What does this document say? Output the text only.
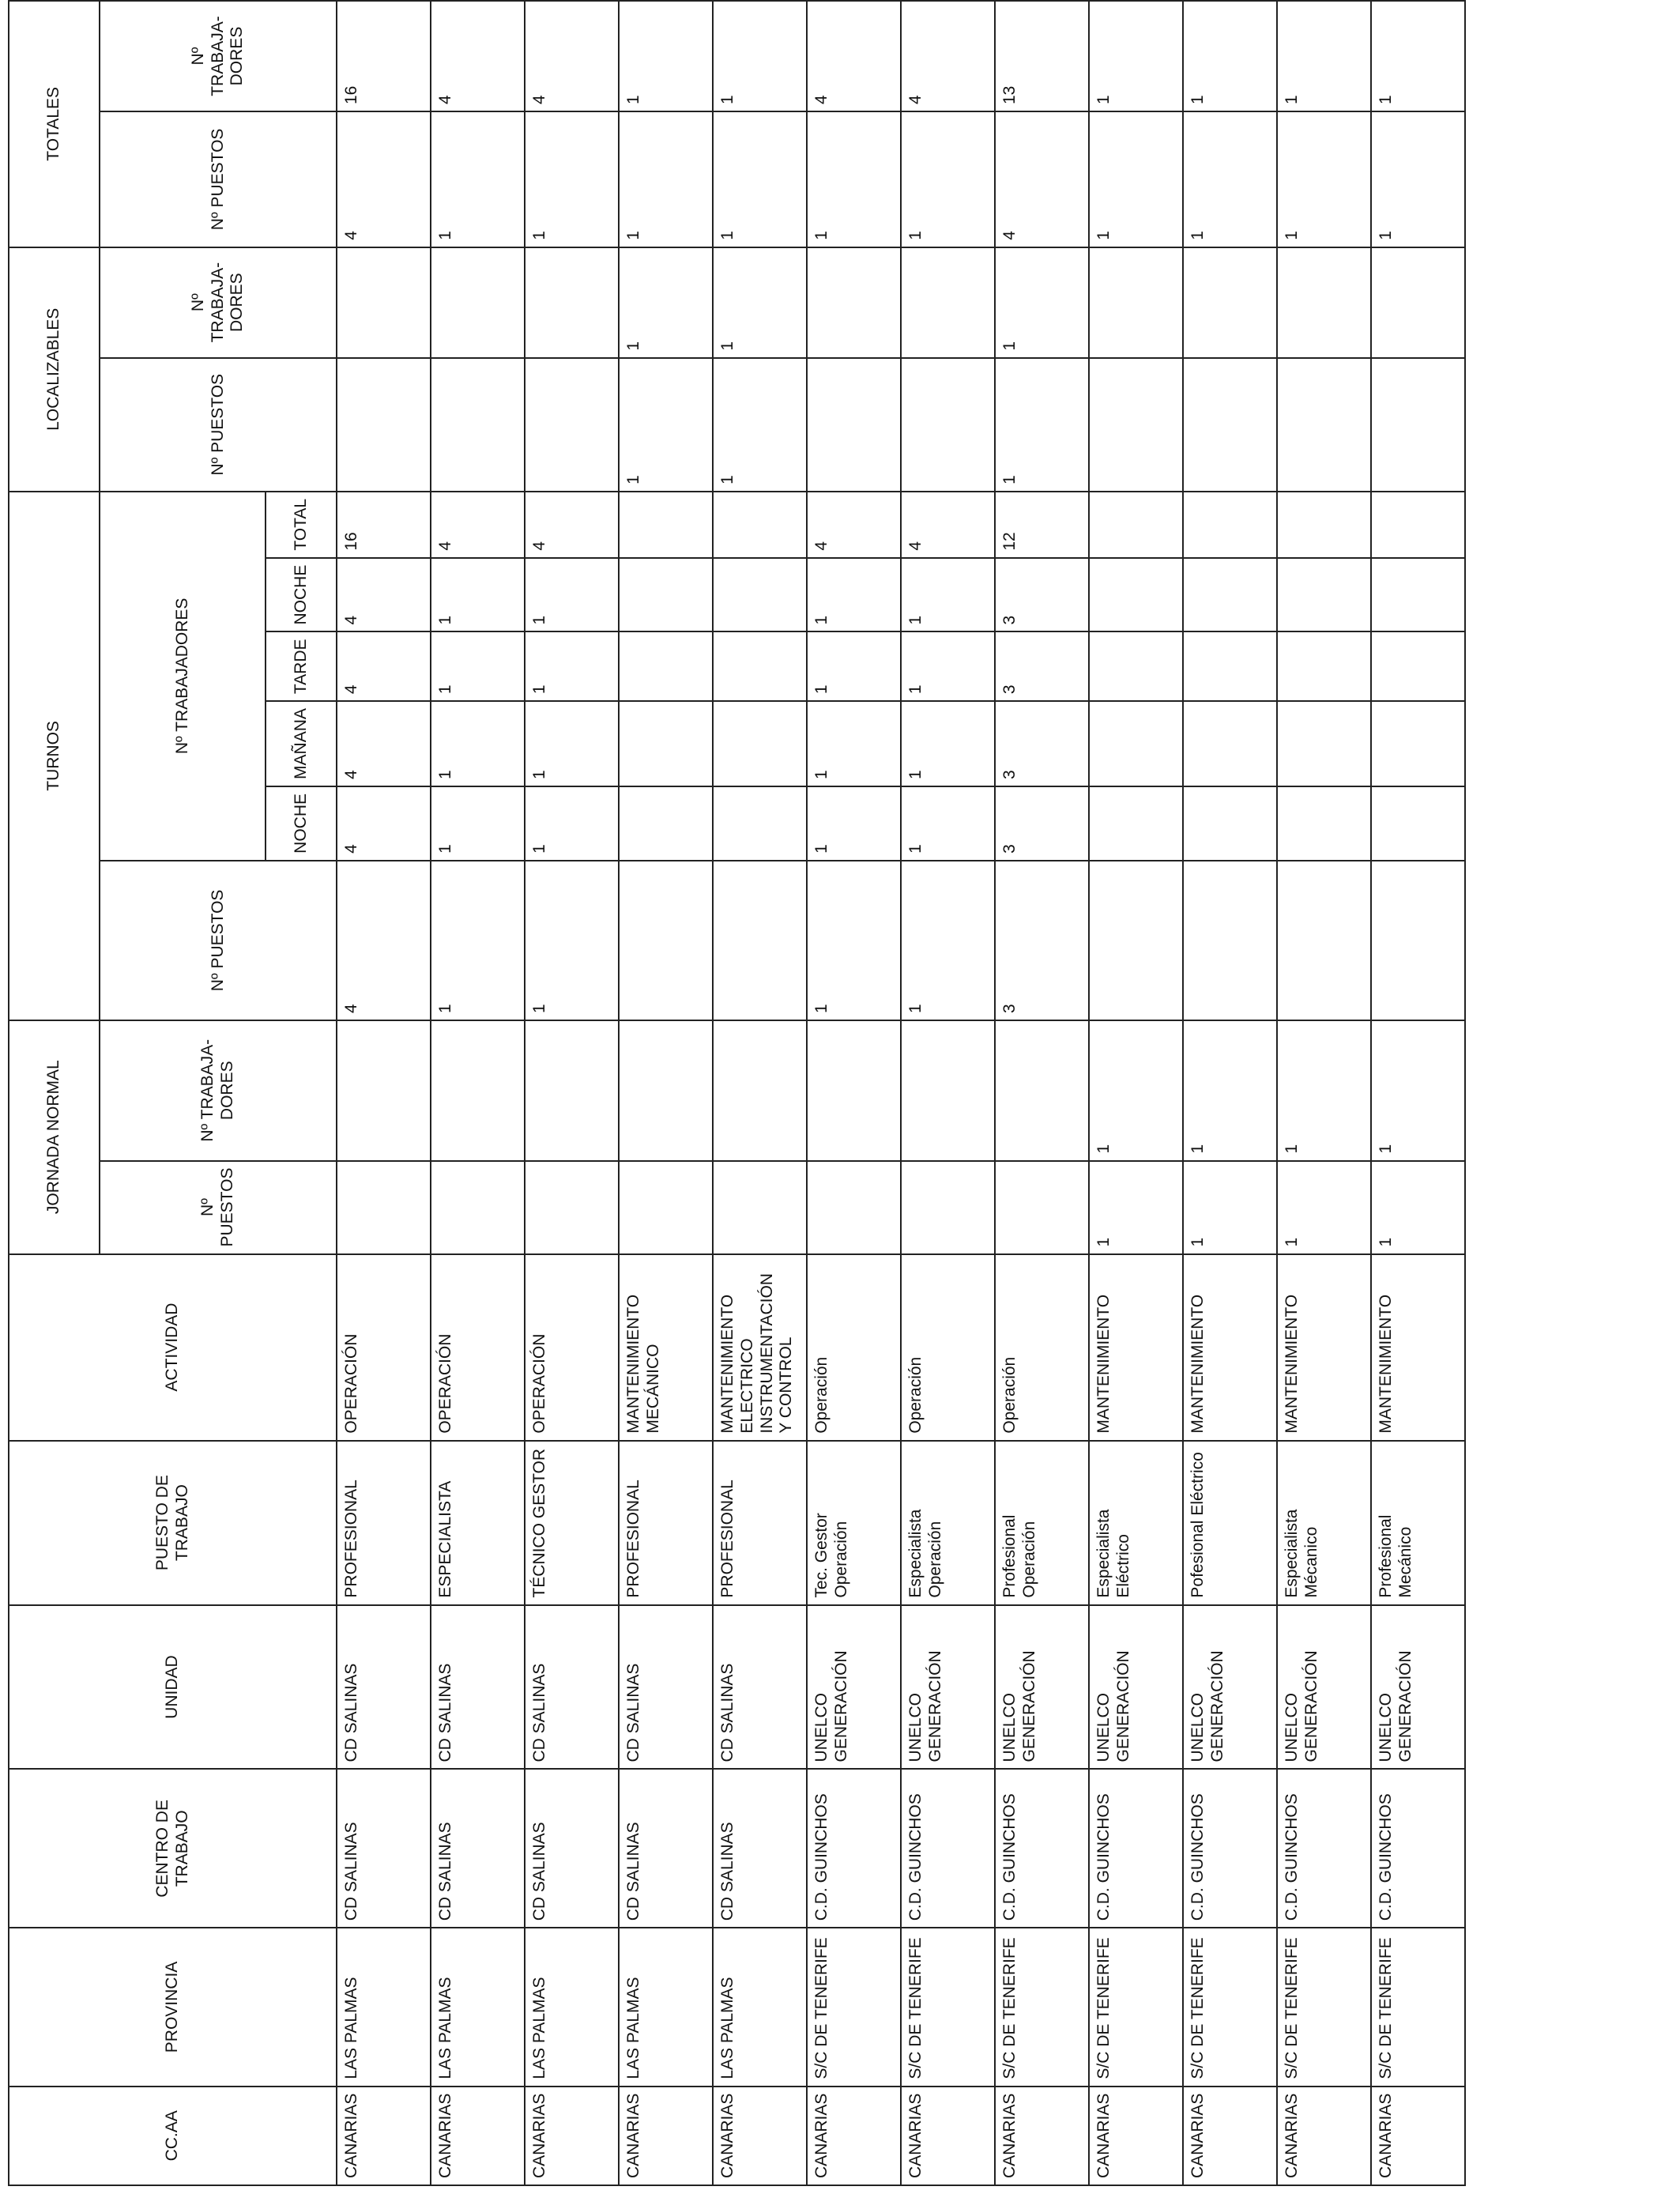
CC.AA	PROVINCIA	CENTRO DE TRABAJO	UNIDAD	PUESTO DE TRABAJO	ACTIVIDAD	JORNADA NORMAL		TURNOS						LOCALIZABLES		TOTALES	
						Nº PUESTOS	Nº TRABAJA-DORES	Nº PUESTOS	Nº TRABAJADORES					Nº PUESTOS	Nº TRABAJA-DORES	Nº PUESTOS	Nº TRABAJA-DORES
									NOCHE	MAÑANA	TARDE	NOCHE	TOTAL				
CANARIAS	LAS PALMAS	CD SALINAS	CD SALINAS	PROFESIONAL	OPERACIÓN			4	4	4	4	4	16			4	16
CANARIAS	LAS PALMAS	CD SALINAS	CD SALINAS	ESPECIALISTA	OPERACIÓN			1	1	1	1	1	4			1	4
CANARIAS	LAS PALMAS	CD SALINAS	CD SALINAS	TÉCNICO GESTOR	OPERACIÓN			1	1	1	1	1	4			1	4
CANARIAS	LAS PALMAS	CD SALINAS	CD SALINAS	PROFESIONAL	MANTENIMIENTO MECÁNICO									1	1	1	1
CANARIAS	LAS PALMAS	CD SALINAS	CD SALINAS	PROFESIONAL	MANTENIMIENTO ELECTRICO INSTRUMENTACIÓN Y CONTROL									1	1	1	1
CANARIAS	S/C DE TENERIFE	C.D. GUINCHOS	UNELCO GENERACIÓN	Tec. Gestor Operación	Operación			1	1	1	1	1	4			1	4
CANARIAS	S/C DE TENERIFE	C.D. GUINCHOS	UNELCO GENERACIÓN	Especialista Operación	Operación			1	1	1	1	1	4			1	4
CANARIAS	S/C DE TENERIFE	C.D. GUINCHOS	UNELCO GENERACIÓN	Profesional Operación	Operación			3	3	3	3	3	12	1	1	4	13
CANARIAS	S/C DE TENERIFE	C.D. GUINCHOS	UNELCO GENERACIÓN	Especialista Eléctrico	MANTENIMIENTO	1	1									1	1
CANARIAS	S/C DE TENERIFE	C.D. GUINCHOS	UNELCO GENERACIÓN	Pofesional Eléctrico	MANTENIMIENTO	1	1									1	1
CANARIAS	S/C DE TENERIFE	C.D. GUINCHOS	UNELCO GENERACIÓN	Especialista Mécanico	MANTENIMIENTO	1	1									1	1
CANARIAS	S/C DE TENERIFE	C.D. GUINCHOS	UNELCO GENERACIÓN	Profesional Mecánico	MANTENIMIENTO	1	1									1	1
